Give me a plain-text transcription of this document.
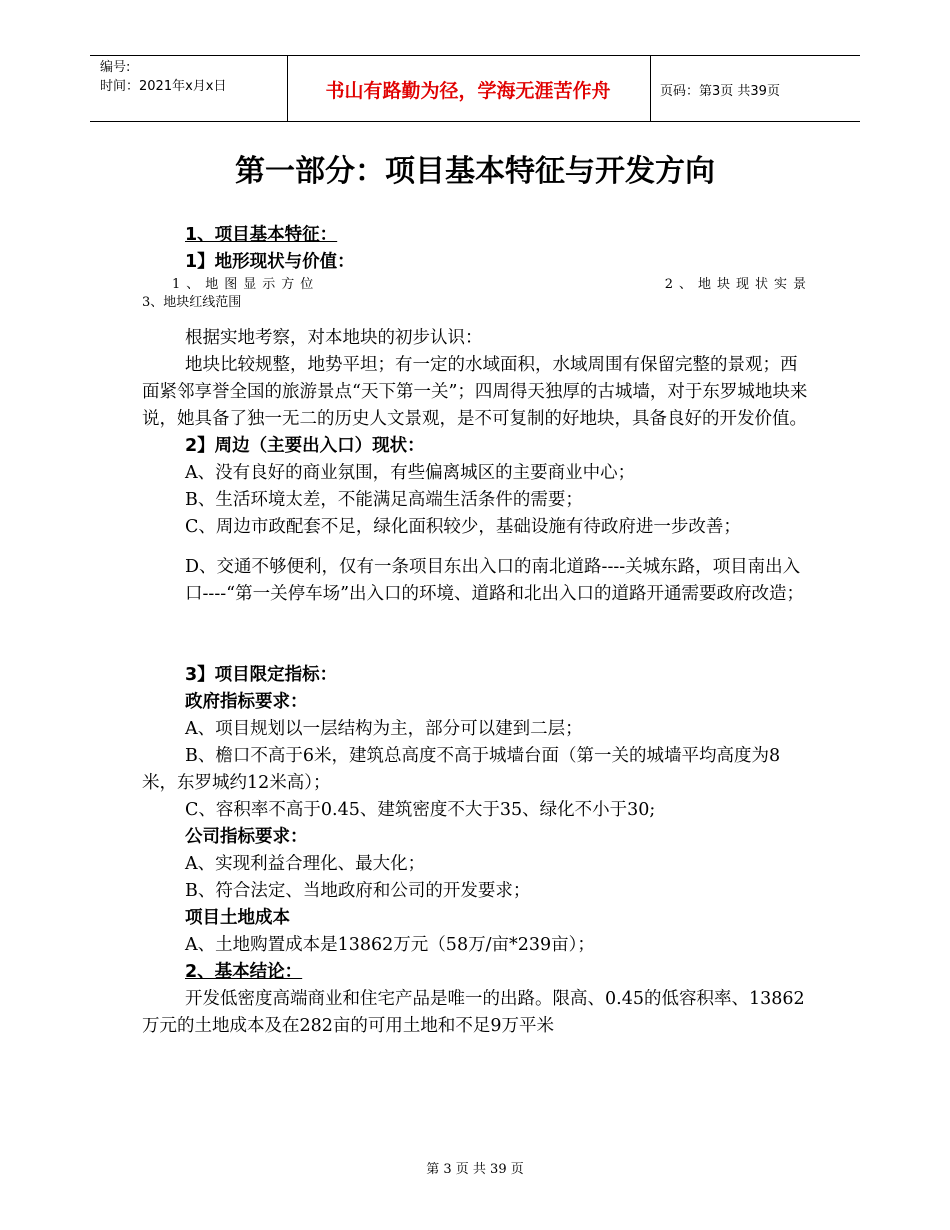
编号:
时间：2021年x月x日	书山有路勤为径，学海无涯苦作舟	页码：第3页 共39页
第一部分：项目基本特征与开发方向

1、项目基本特征：

1】地形现状与价值：

1、地图显示方位	2、地块现状实景

3、地块红线范围

根据实地考察，对本地块的初步认识：

地块比较规整，地势平坦；有一定的水域面积，水域周围有保留完整的景观；西面紧邻享誉全国的旅游景点“天下第一关”；四周得天独厚的古城墙，对于东罗城地块来说，她具备了独一无二的历史人文景观，是不可复制的好地块，具备良好的开发价值。

2】周边（主要出入口）现状：

A、没有良好的商业氛围，有些偏离城区的主要商业中心；

B、生活环境太差，不能满足高端生活条件的需要；

C、周边市政配套不足，绿化面积较少，基础设施有待政府进一步改善；

D、交通不够便利，仅有一条项目东出入口的南北道路----关城东路，项目南出入口----“第一关停车场”出入口的环境、道路和北出入口的道路开通需要政府改造；

3】项目限定指标：

政府指标要求：

A、项目规划以一层结构为主，部分可以建到二层；

B、檐口不高于6米，建筑总高度不高于城墙台面（第一关的城墙平均高度为8米，东罗城约12米高）；

C、容积率不高于0.45、建筑密度不大于35、绿化不小于30;

公司指标要求：

A、实现利益合理化、最大化；

B、符合法定、当地政府和公司的开发要求；

项目土地成本

A、土地购置成本是13862万元（58万/亩*239亩）；

2、基本结论：

开发低密度高端商业和住宅产品是唯一的出路。限高、0.45的低容积率、13862万元的土地成本及在282亩的可用土地和不足9万平米

第 3 页 共 39 页
